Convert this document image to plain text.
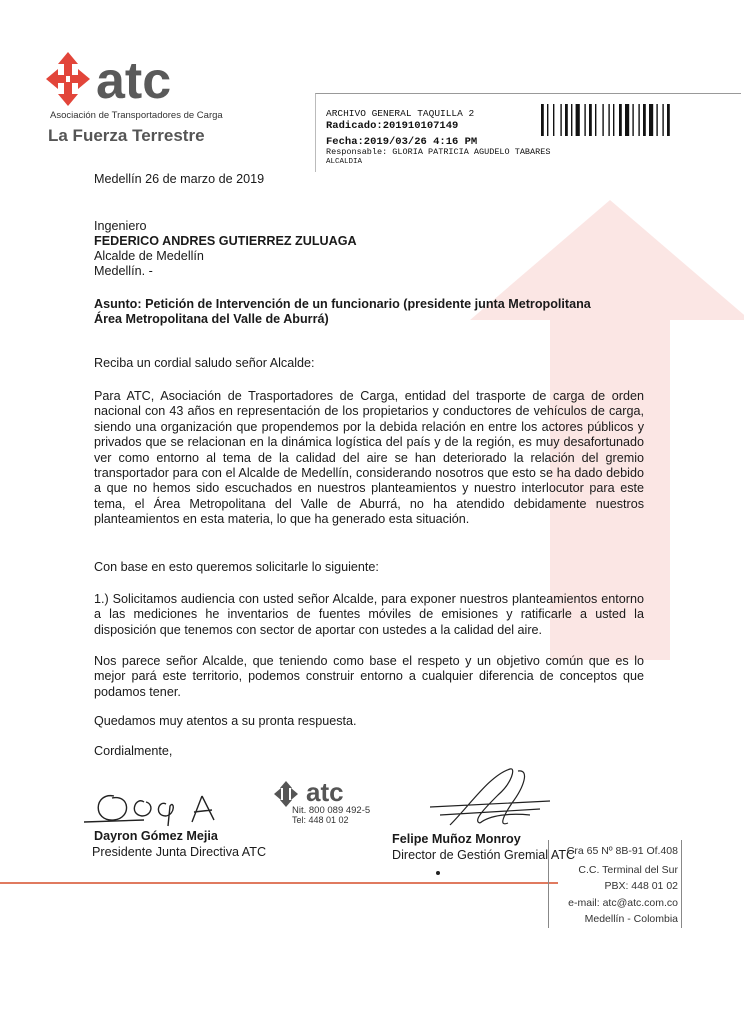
atc
Asociación de Transportadores de Carga
La Fuerza Terrestre
ARCHIVO GENERAL TAQUILLA 2
Radicado:201910107149
Fecha:2019/03/26 4:16 PM
Responsable: GLORIA PATRICIA AGUDELO TABARES
ALCALDIA
Medellín 26 de marzo de 2019
Ingeniero
FEDERICO ANDRES GUTIERREZ ZULUAGA
Alcalde de Medellín
Medellín. -
Asunto: Petición de Intervención de un funcionario (presidente junta Metropolitana
Área Metropolitana del Valle de Aburrá)
Reciba un cordial saludo señor Alcalde:
Para ATC, Asociación de Trasportadores de Carga, entidad del trasporte de carga de orden nacional con 43 años en representación de los propietarios y conductores de vehículos de carga, siendo una organización que propendemos por la debida relación en entre los actores públicos y privados que se relacionan en la dinámica logística del país y de la región, es muy desafortunado ver como entorno al tema de la calidad del aire se han deteriorado la relación del gremio transportador para con el Alcalde de Medellín, considerando nosotros que esto se ha dado debido a que no hemos sido escuchados en nuestros planteamientos y nuestro interlocutor para este tema, el Área Metropolitana del Valle de Aburrá, no ha atendido debidamente nuestros planteamientos en esta materia, lo que ha generado esta situación.
Con base en esto queremos solicitarle lo siguiente:
1.) Solicitamos audiencia con usted señor Alcalde, para exponer nuestros planteamientos entorno a las mediciones he inventarios de fuentes móviles de emisiones y ratificarle a usted la disposición que tenemos con sector de aportar con ustedes a la calidad del aire.
Nos parece señor Alcalde, que teniendo como base el respeto y un objetivo común que es lo mejor pará este territorio, podemos construir entorno a cualquier diferencia de conceptos que podamos tener.
Quedamos muy atentos a su pronta respuesta.
Cordialmente,
atc
Nit. 800 089 492-5
Tel: 448 01 02
Dayron Gómez Mejia
Presidente Junta Directiva ATC
Felipe Muñoz Monroy
Director de Gestión Gremial ATC
Cra 65 Nº 8B-91 Of.408
C.C. Terminal del Sur
PBX: 448 01 02
e-mail: atc@atc.com.co
Medellín - Colombia
